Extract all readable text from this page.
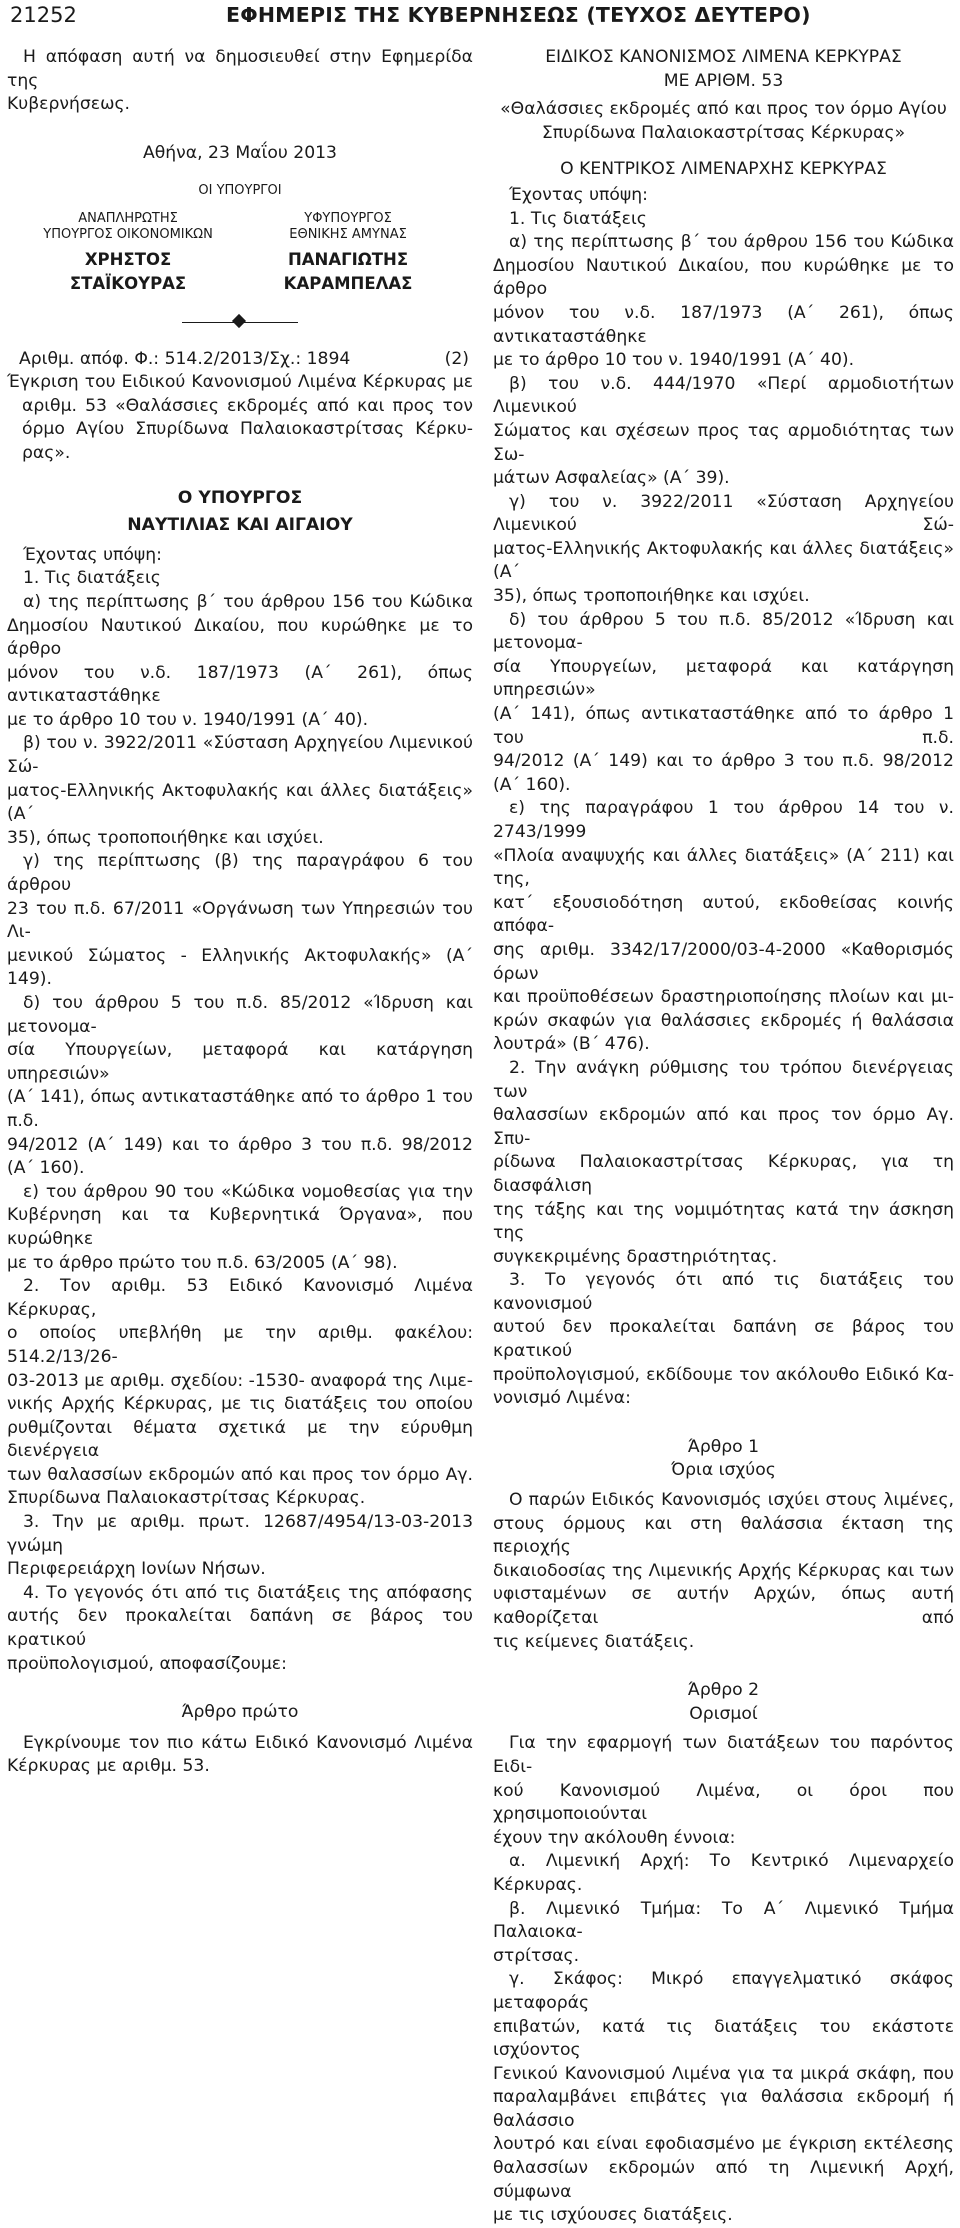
21252	ΕΦΗΜΕΡΙΣ ΤΗΣ ΚΥΒΕΡΝΗΣΕΩΣ (ΤΕΥΧΟΣ ΔΕΥΤΕΡΟ)

Η απόφαση αυτή να δημοσιευθεί στην Εφημερίδα της

Κυβερνήσεως.

Αθήνα, 23 Μαΐου 2013

ΟΙ ΥΠΟΥΡΓΟΙ

ΑΝΑΠΛΗΡΩΤΗΣ

ΥΠΟΥΡΓΟΣ ΟΙΚΟΝΟΜΙΚΩΝ

ΧΡΗΣΤΟΣ ΣΤΑΪΚΟΥΡΑΣ

ΥΦΥΠΟΥΡΓΟΣ

ΕΘΝΙΚΗΣ ΑΜΥΝΑΣ

ΠΑΝΑΓΙΩΤΗΣ ΚΑΡΑΜΠΕΛΑΣ

Αριθμ. απόφ. Φ.: 514.2/2013/Σχ.: 1894	(2)

Έγκριση του Ειδικού Κανονισμού Λιμένα Κέρκυρας με

αριθμ. 53 «Θαλάσσιες εκδρομές από και προς τον

όρμο Αγίου Σπυρίδωνα Παλαιοκαστρίτσας Κέρκυ-

ρας».

Ο ΥΠΟΥΡΓΟΣ

ΝΑΥΤΙΛΙΑΣ ΚΑΙ ΑΙΓΑΙΟΥ

Έχοντας υπόψη:

1. Τις διατάξεις

α) της περίπτωσης β΄ του άρθρου 156 του Κώδικα

Δημοσίου Ναυτικού Δικαίου, που κυρώθηκε με το άρθρο

μόνον του ν.δ. 187/1973 (Α΄ 261), όπως αντικαταστάθηκε

με το άρθρο 10 του ν. 1940/1991 (Α΄ 40).

β) του ν. 3922/2011 «Σύσταση Αρχηγείου Λιμενικού Σώ-

ματος-Ελληνικής Ακτοφυλακής και άλλες διατάξεις» (Α΄

35), όπως τροποποιήθηκε και ισχύει.

γ) της περίπτωσης (β) της παραγράφου 6 του άρθρου

23 του π.δ. 67/2011 «Οργάνωση των Υπηρεσιών του Λι-

μενικού Σώματος - Ελληνικής Ακτοφυλακής» (Α΄ 149).

δ) του άρθρου 5 του π.δ. 85/2012 «Ίδρυση και μετονομα-

σία Υπουργείων, μεταφορά και κατάργηση υπηρεσιών»

(Α΄ 141), όπως αντικαταστάθηκε από το άρθρο 1 του π.δ.

94/2012 (Α΄ 149) και το άρθρο 3 του π.δ. 98/2012 (Α΄ 160).

ε) του άρθρου 90 του «Κώδικα νομοθεσίας για την

Κυβέρνηση και τα Κυβερνητικά Όργανα», που κυρώθηκε

με το άρθρο πρώτο του π.δ. 63/2005 (Α΄ 98).

2. Τον αριθμ. 53 Ειδικό Κανονισμό Λιμένα Κέρκυρας,

ο οποίος υπεβλήθη με την αριθμ. φακέλου: 514.2/13/26-

03-2013 με αριθμ. σχεδίου: -1530- αναφορά της Λιμε-

νικής Αρχής Κέρκυρας, με τις διατάξεις του οποίου

ρυθμίζονται θέματα σχετικά με την εύρυθμη διενέργεια

των θαλασσίων εκδρομών από και προς τον όρμο Αγ.

Σπυρίδωνα Παλαιοκαστρίτσας Κέρκυρας.

3. Την με αριθμ. πρωτ. 12687/4954/13-03-2013 γνώμη

Περιφερειάρχη Ιονίων Νήσων.

4. Το γεγονός ότι από τις διατάξεις της απόφασης

αυτής δεν προκαλείται δαπάνη σε βάρος του κρατικού

προϋπολογισμού, αποφασίζουμε:

Άρθρο πρώτο

Εγκρίνουμε τον πιο κάτω Ειδικό Κανονισμό Λιμένα

Κέρκυρας με αριθμ. 53.

ΕΙΔΙΚΟΣ ΚΑΝΟΝΙΣΜΟΣ ΛΙΜΕΝΑ ΚΕΡΚΥΡΑΣ

ΜΕ ΑΡΙΘΜ. 53

«Θαλάσσιες εκδρομές από και προς τον όρμο Αγίου

Σπυρίδωνα Παλαιοκαστρίτσας Κέρκυρας»

Ο ΚΕΝΤΡΙΚΟΣ ΛΙΜΕΝΑΡΧΗΣ ΚΕΡΚΥΡΑΣ

Έχοντας υπόψη:

1. Τις διατάξεις

α) της περίπτωσης β΄ του άρθρου 156 του Κώδικα

Δημοσίου Ναυτικού Δικαίου, που κυρώθηκε με το άρθρο

μόνον του ν.δ. 187/1973 (Α΄ 261), όπως αντικαταστάθηκε

με το άρθρο 10 του ν. 1940/1991 (Α΄ 40).

β) του ν.δ. 444/1970 «Περί αρμοδιοτήτων Λιμενικού

Σώματος και σχέσεων προς τας αρμοδιότητας των Σω-

μάτων Ασφαλείας» (Α΄ 39).

γ) του ν. 3922/2011 «Σύσταση Αρχηγείου Λιμενικού Σώ-

ματος-Ελληνικής Ακτοφυλακής και άλλες διατάξεις» (Α΄

35), όπως τροποποιήθηκε και ισχύει.

δ) του άρθρου 5 του π.δ. 85/2012 «Ίδρυση και μετονομα-

σία Υπουργείων, μεταφορά και κατάργηση υπηρεσιών»

(Α΄ 141), όπως αντικαταστάθηκε από το άρθρο 1 του π.δ.

94/2012 (Α΄ 149) και το άρθρο 3 του π.δ. 98/2012 (Α΄ 160).

ε) της παραγράφου 1 του άρθρου 14 του ν. 2743/1999

«Πλοία αναψυχής και άλλες διατάξεις» (Α΄ 211) και της,

κατ΄ εξουσιοδότηση αυτού, εκδοθείσας κοινής απόφα-

σης αριθμ. 3342/17/2000/03-4-2000 «Καθορισμός όρων

και προϋποθέσεων δραστηριοποίησης πλοίων και μι-

κρών σκαφών για θαλάσσιες εκδρομές ή θαλάσσια

λουτρά» (Β΄ 476).

2. Την ανάγκη ρύθμισης του τρόπου διενέργειας των

θαλασσίων εκδρομών από και προς τον όρμο Αγ. Σπυ-

ρίδωνα Παλαιοκαστρίτσας Κέρκυρας, για τη διασφάλιση

της τάξης και της νομιμότητας κατά την άσκηση της

συγκεκριμένης δραστηριότητας.

3. Το γεγονός ότι από τις διατάξεις του κανονισμού

αυτού δεν προκαλείται δαπάνη σε βάρος του κρατικού

προϋπολογισμού, εκδίδουμε τον ακόλουθο Ειδικό Κα-

νονισμό Λιμένα:

Άρθρο 1

Όρια ισχύος

Ο παρών Ειδικός Κανονισμός ισχύει στους λιμένες,

στους όρμους και στη θαλάσσια έκταση της περιοχής

δικαιοδοσίας της Λιμενικής Αρχής Κέρκυρας και των

υφισταμένων σε αυτήν Αρχών, όπως αυτή καθορίζεται από

τις κείμενες διατάξεις.

Άρθρο 2

Ορισμοί

Για την εφαρμογή των διατάξεων του παρόντος Ειδι-

κού Κανονισμού Λιμένα, οι όροι που χρησιμοποιούνται

έχουν την ακόλουθη έννοια:

α. Λιμενική Αρχή: Το Κεντρικό Λιμεναρχείο Κέρκυρας.

β. Λιμενικό Τμήμα: Το Α΄ Λιμενικό Τμήμα Παλαιοκα-

στρίτσας.

γ. Σκάφος: Μικρό επαγγελματικό σκάφος μεταφοράς

επιβατών, κατά τις διατάξεις του εκάστοτε ισχύοντος

Γενικού Κανονισμού Λιμένα για τα μικρά σκάφη, που

παραλαμβάνει επιβάτες για θαλάσσια εκδρομή ή θαλάσσιο

λουτρό και είναι εφοδιασμένο με έγκριση εκτέλεσης

θαλασσίων εκδρομών από τη Λιμενική Αρχή, σύμφωνα

με τις ισχύουσες διατάξεις.
